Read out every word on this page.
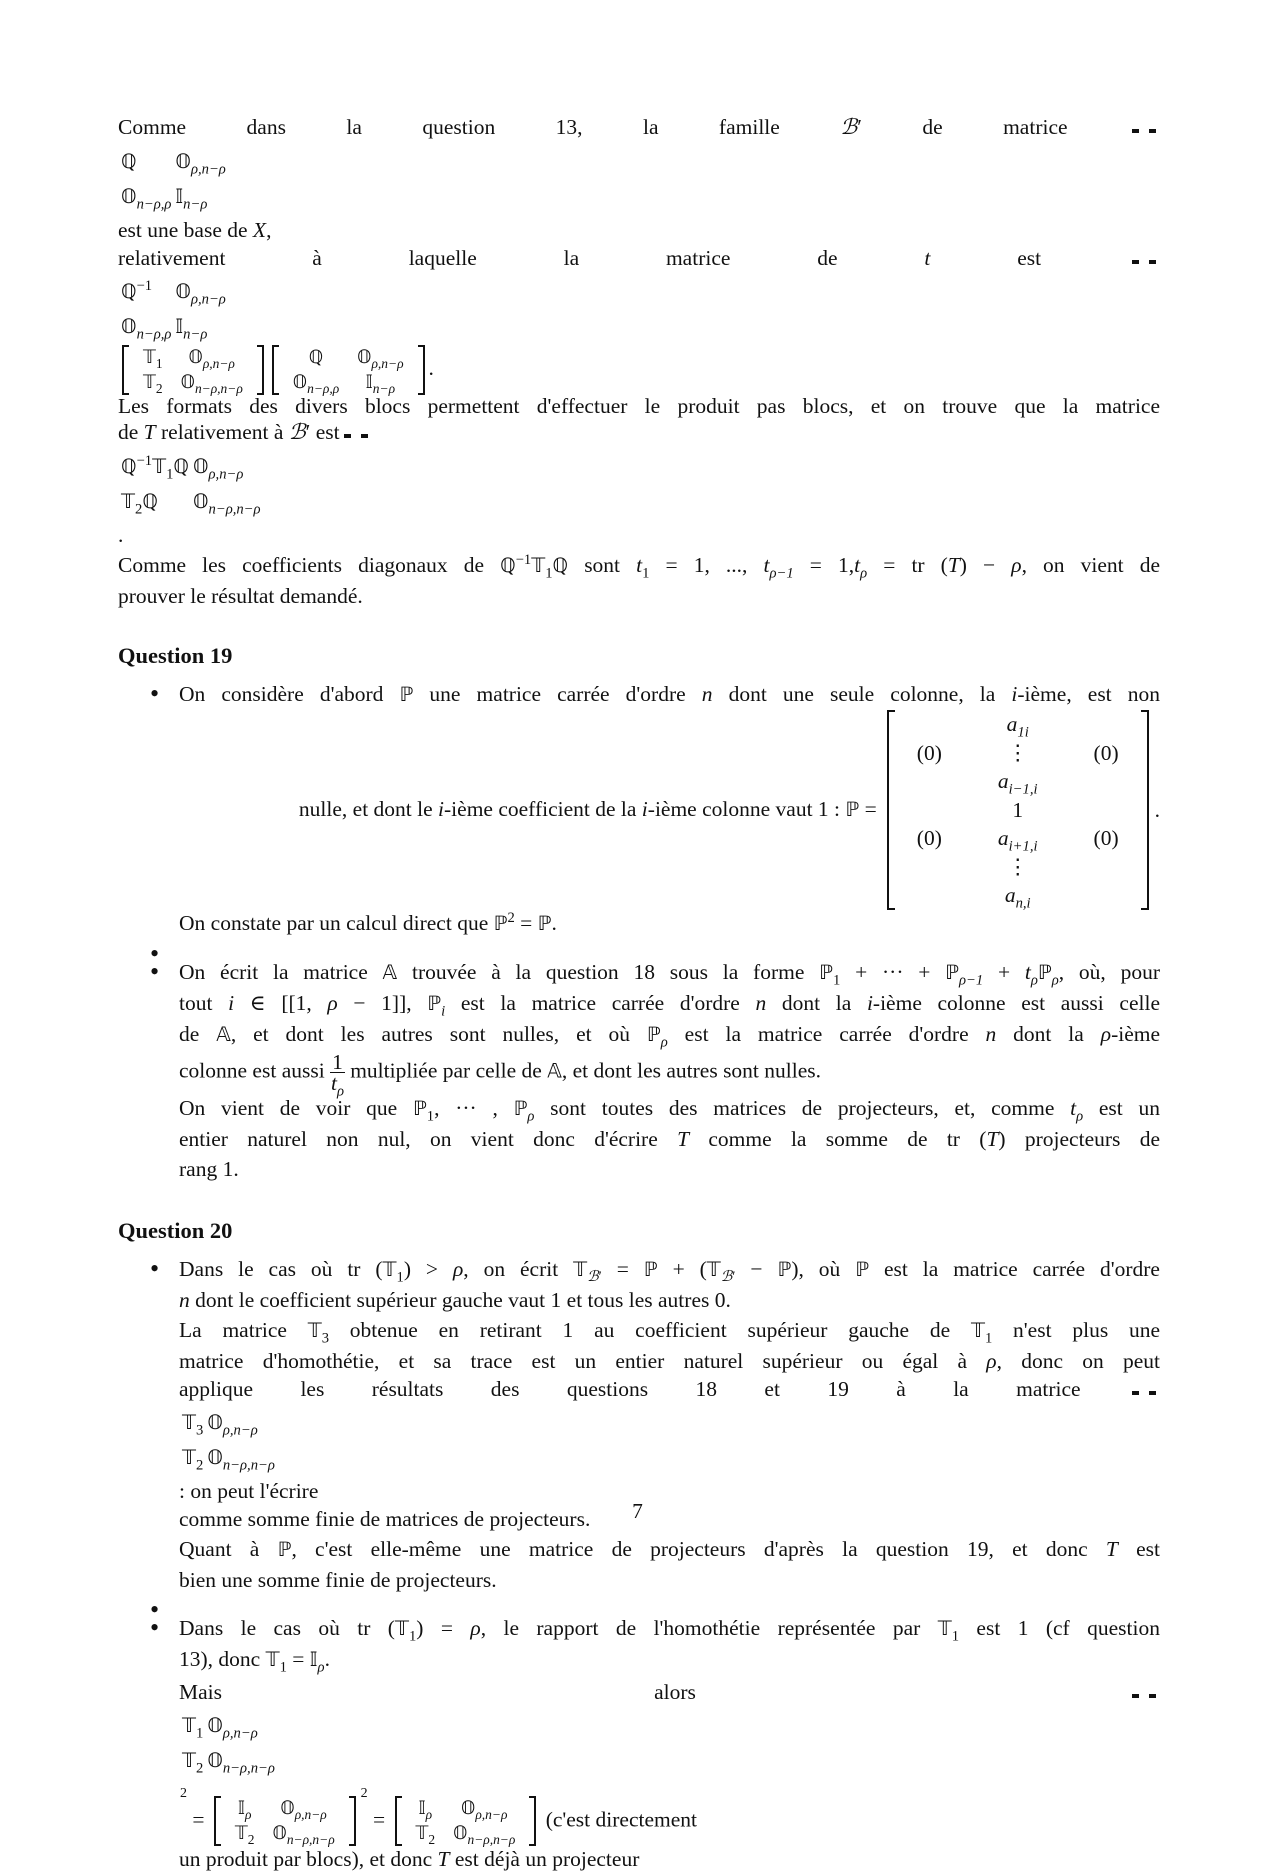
Comme dans la question 13, la famille ℬ′ de matrice

ℚ	𝕆$_{\rho,n-\rho}$
𝕆$_{n-\rho,\rho}$	𝕀$_{n-\rho}$
est une base de X,

relativement à laquelle la matrice de t est

ℚ$^{-1}$	𝕆$_{\rho,n-\rho}$
𝕆$_{n-\rho,\rho}$	𝕀$_{n-\rho}$
𝕋$_1$	𝕆$_{\rho,n-\rho}$
𝕋$_2$	𝕆$_{n-\rho,n-\rho}$
ℚ	𝕆$_{\rho,n-\rho}$
𝕆$_{n-\rho,\rho}$	𝕀$_{n-\rho}$
.

Les formats des divers blocs permettent d'effectuer le produit pas blocs, et on trouve que la matrice

de T relativement à ℬ′ est

ℚ$^{-1}$𝕋$_1$ℚ	𝕆$_{\rho,n-\rho}$
𝕋$_2$ℚ	𝕆$_{n-\rho,n-\rho}$
.

Comme les coefficients diagonaux de ℚ$^{-1}$𝕋$_1$ℚ sont $t_1 = 1$, ..., $t_{\rho-1} = 1,t_\rho$ = tr (T) − ρ, on vient de

prouver le résultat demandé.

Question 19

• On considère d'abord ℙ une matrice carrée d'ordre n dont une seule colonne, la i-ième, est non

nulle, et dont le i-ième coefficient de la i-ième colonne vaut 1 : ℙ =
	$a_{1i}$	
(0)	⋮	(0)
	$a_{i-1,i}$	
	1	
(0)	$a_{i+1,i}$	(0)
	⋮	
	$a_{n,i}$	
.

On constate par un calcul direct que ℙ$^2$ = ℙ.

•

• On écrit la matrice 𝔸 trouvée à la question 18 sous la forme ℙ$_1$ + ··· + ℙ$_{\rho-1}$ + $t_\rho ℙ_\rho$, où, pour

tout i ∈ [[1, ρ − 1]], ℙ$_i$ est la matrice carrée d'ordre n dont la i-ième colonne est aussi celle

de 𝔸, et dont les autres sont nulles, et où ℙ$_\rho$ est la matrice carrée d'ordre n dont la ρ-ième

colonne est aussi $\frac{1}{t_\rho}$ multipliée par celle de 𝔸, et dont les autres sont nulles.

On vient de voir que ℙ$_1$, ··· , ℙ$_\rho$ sont toutes des matrices de projecteurs, et, comme $t_\rho$ est un

entier naturel non nul, on vient donc d'écrire T comme la somme de tr (T) projecteurs de

rang 1.

Question 20

• Dans le cas où tr (𝕋$_1$) > ρ, on écrit 𝕋$_{ℬ'}$ = ℙ + (𝕋$_{ℬ'}$ − ℙ), où ℙ est la matrice carrée d'ordre

n dont le coefficient supérieur gauche vaut 1 et tous les autres 0.

La matrice 𝕋$_3$ obtenue en retirant 1 au coefficient supérieur gauche de 𝕋$_1$ n'est plus une

matrice d'homothétie, et sa trace est un entier naturel supérieur ou égal à ρ, donc on peut

applique les résultats des questions 18 et 19 à la matrice

𝕋$_3$	𝕆$_{\rho,n-\rho}$
𝕋$_2$	𝕆$_{n-\rho,n-\rho}$
: on peut l'écrire

comme somme finie de matrices de projecteurs.

Quant à ℙ, c'est elle-même une matrice de projecteurs d'après la question 19, et donc T est

bien une somme finie de projecteurs.

•

• Dans le cas où tr (𝕋$_1$) = ρ, le rapport de l'homothétie représentée par 𝕋$_1$ est 1 (cf question

13), donc 𝕋$_1$ = 𝕀$_\rho$.

Mais alors

𝕋$_1$	𝕆$_{\rho,n-\rho}$
𝕋$_2$	𝕆$_{n-\rho,n-\rho}$
$^2$ = 𝕀$_\rho$	𝕆$_{\rho,n-\rho}$
𝕋$_2$	𝕆$_{n-\rho,n-\rho}$
$^2$ = 𝕀$_\rho$	𝕆$_{\rho,n-\rho}$
𝕋$_2$	𝕆$_{n-\rho,n-\rho}$
(c'est directement

un produit par blocs), et donc T est déjà un projecteur

7
